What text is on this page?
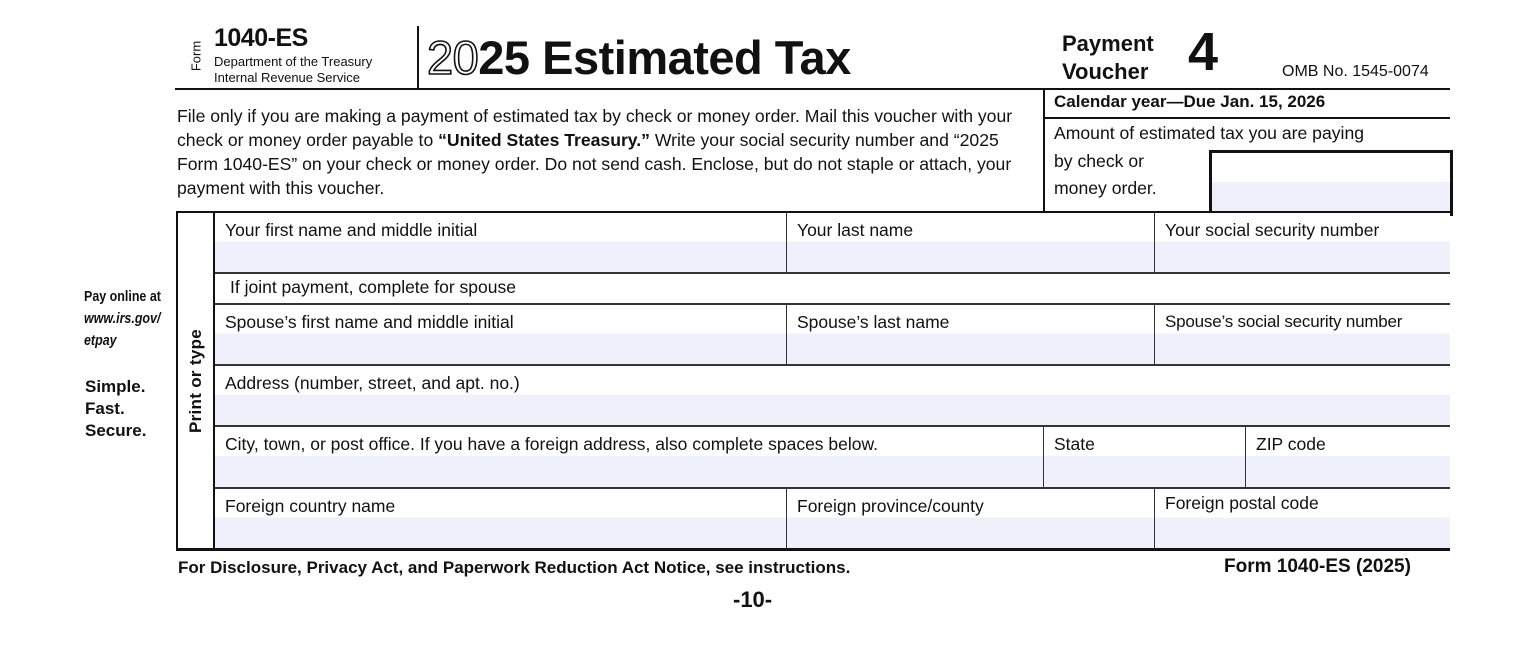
Form
1040-ES
Department of the Treasury
Internal Revenue Service 2025 Estimated Tax	Payment
Voucher 4	OMB No. 1545-0074
File only if you are making a payment of estimated tax by check or money order. Mail this voucher with your check or money order payable to “United States Treasury.” Write your social security number and “2025 Form 1040-ES” on your check or money order. Do not send cash. Enclose, but do not staple or attach, your payment with this voucher.
Calendar year—Due Jan. 15, 2026
Amount of estimated tax you are paying
by check or
money order.
Pay online at
www.irs.gov/
etpay
Simple.
Fast.
Secure. Print or type
Your first name and middle initial	Your last name	Your social security number
If joint payment, complete for spouse
Spouse’s first name and middle initial	Spouse’s last name	Spouse’s social security number
Address (number, street, and apt. no.)
City, town, or post office. If you have a foreign address, also complete spaces below.	State	ZIP code
Foreign country name	Foreign province/county	Foreign postal code
For Disclosure, Privacy Act, and Paperwork Reduction Act Notice, see instructions.	Form 1040-ES (2025)
-10-
